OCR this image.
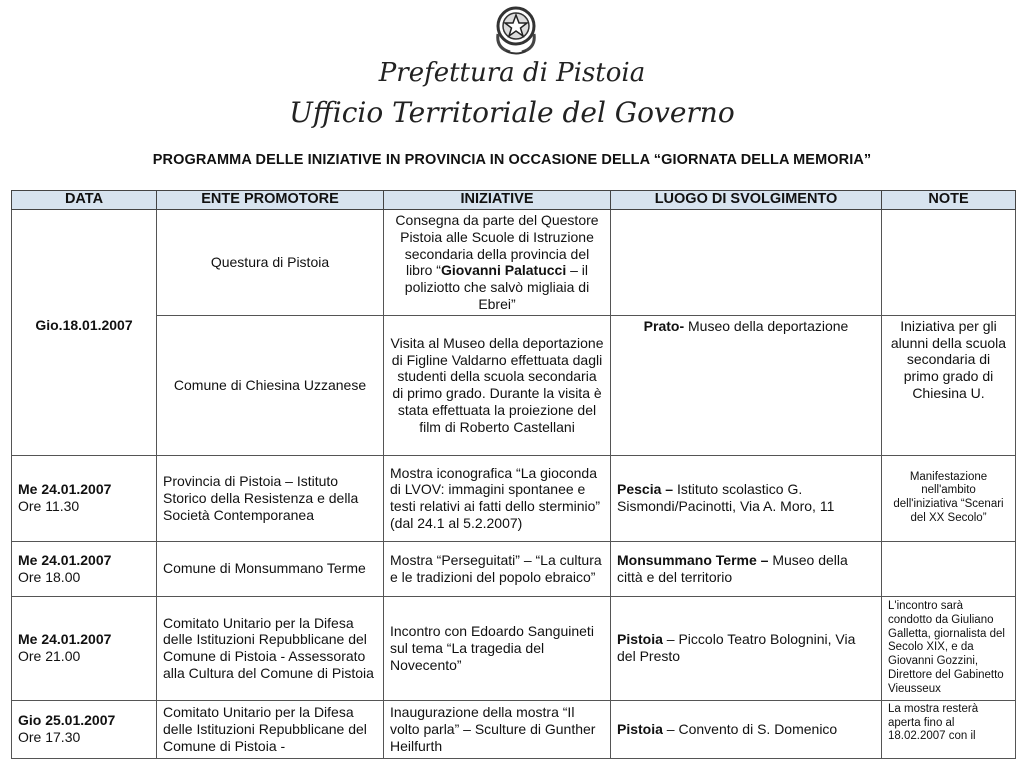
Prefettura di Pistoia
Ufficio Territoriale del Governo
PROGRAMMA DELLE INIZIATIVE IN PROVINCIA IN OCCASIONE DELLA “GIORNATA DELLA MEMORIA”
DATA	ENTE PROMOTORE	INIZIATIVE	LUOGO DI SVOLGIMENTO	NOTE

Gio.18.01.2007	Questura di Pistoia	Consegna da parte del Questore Pistoia alle Scuole di Istruzione secondaria della provincia del libro “Giovanni Palatucci – il poliziotto che salvò migliaia di Ebrei”		
	Comune di Chiesina Uzzanese	Visita al Museo della deportazione di Figline Valdarno effettuata dagli studenti della scuola secondaria di primo grado. Durante la visita è stata effettuata la proiezione del film di Roberto Castellani	Prato- Museo della deportazione	Iniziativa per gli alunni della scuola secondaria di primo grado di Chiesina U.

Me 24.01.2007
Ore 11.30	Provincia di Pistoia – Istituto Storico della Resistenza e della Società Contemporanea	Mostra iconografica “La gioconda di LVOV: immagini spontanee e testi relativi ai fatti dello sterminio” (dal 24.1 al 5.2.2007)	Pescia – Istituto scolastico G. Sismondi/Pacinotti, Via A. Moro, 11	Manifestazione nell'ambito dell'iniziativa “Scenari del XX Secolo”

Me 24.01.2007
Ore 18.00	Comune di Monsummano Terme	Mostra “Perseguitati” – “La cultura e le tradizioni del popolo ebraico”	Monsummano Terme – Museo della città e del territorio	

Me 24.01.2007
Ore 21.00	Comitato Unitario per la Difesa delle Istituzioni Repubblicane del Comune di Pistoia - Assessorato alla Cultura del Comune di Pistoia	Incontro con Edoardo Sanguineti sul tema “La tragedia del Novecento”	Pistoia – Piccolo Teatro Bolognini, Via del Presto	L'incontro sarà condotto da Giuliano Galletta, giornalista del Secolo XIX, e da Giovanni Gozzini, Direttore del Gabinetto Vieusseux

Gio 25.01.2007
Ore 17.30	Comitato Unitario per la Difesa delle Istituzioni Repubblicane del Comune di Pistoia -	Inaugurazione della mostra “Il volto parla” – Sculture di Gunther Heilfurth	Pistoia – Convento di S. Domenico	La mostra resterà aperta fino al 18.02.2007 con il
